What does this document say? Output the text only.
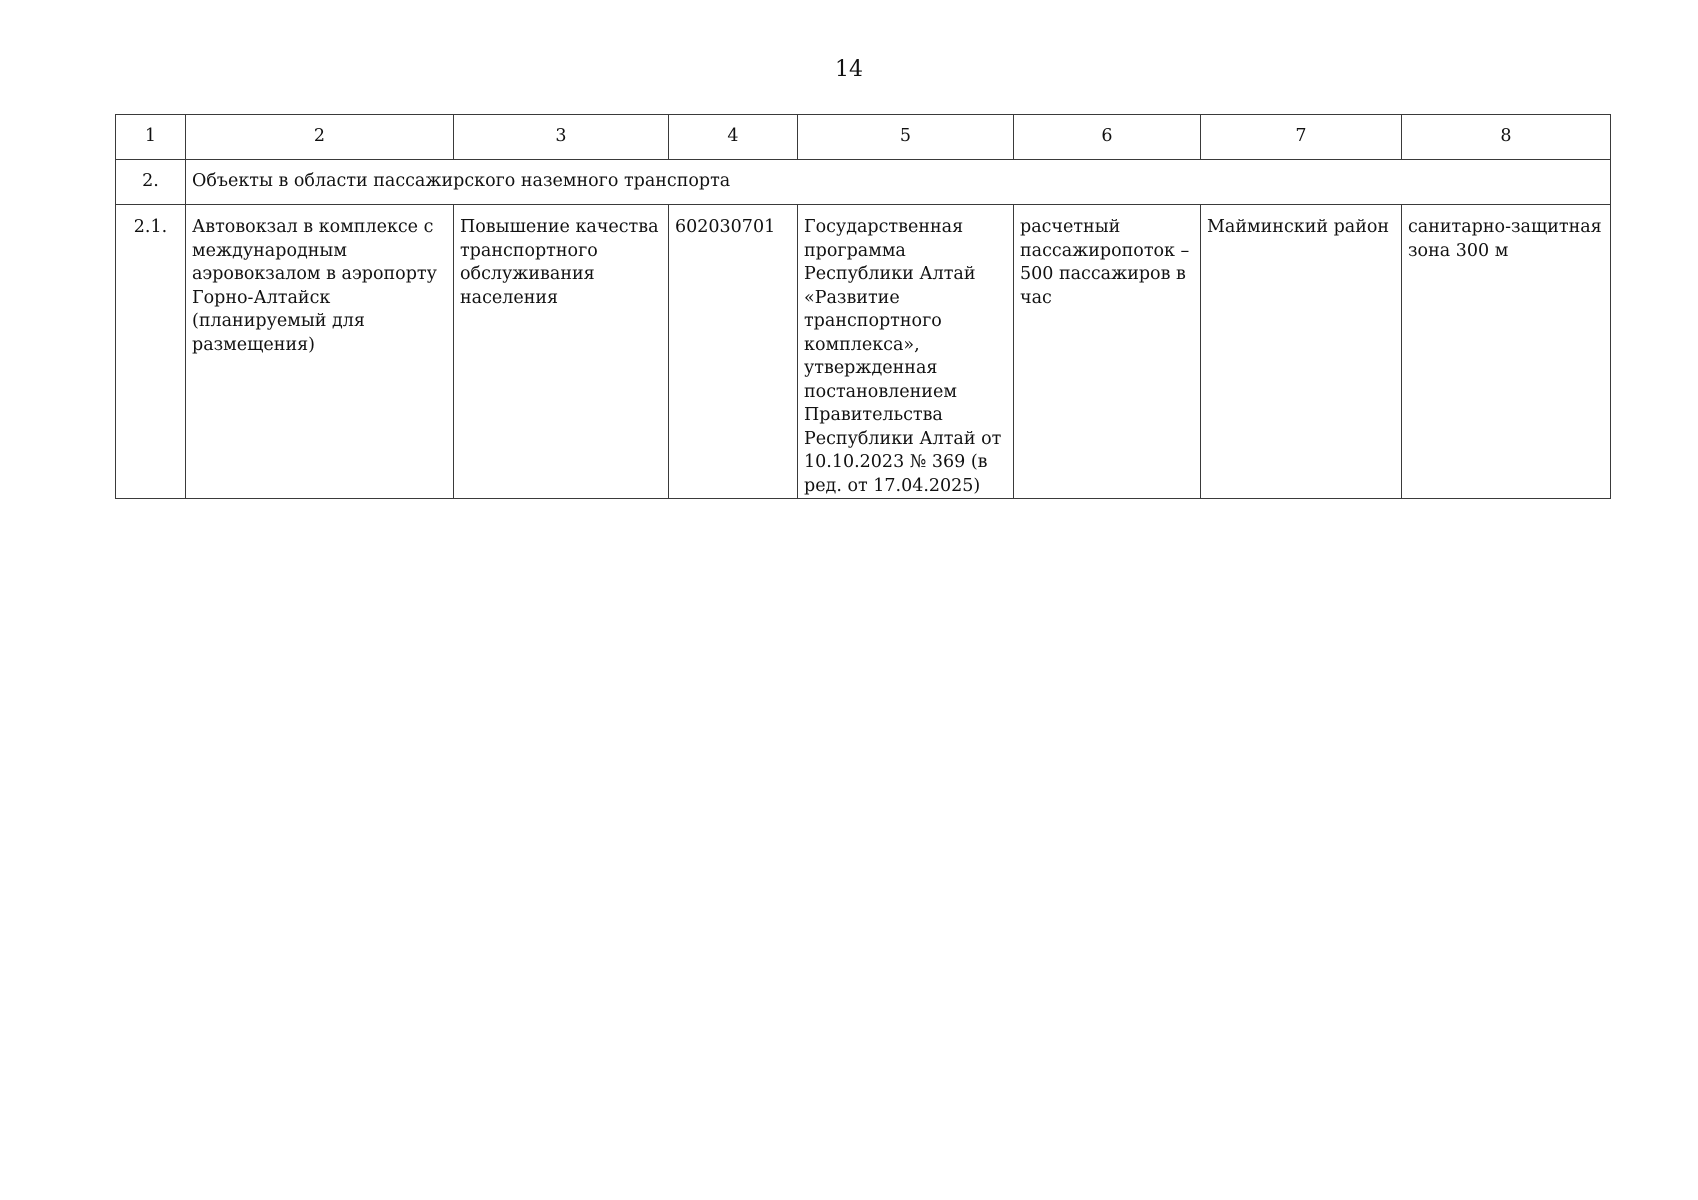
14
1	2	3	4	5	6	7	8
2.	Объекты в области пассажирского наземного транспорта						
2.1.	Автовокзал в комплексе с международным аэровокзалом в аэропорту Горно-Алтайск (планируемый для размещения)	Повышение качества транспортного обслуживания населения	602030701	Государственная программа Республики Алтай «Развитие транспортного комплекса», утвержденная постановлением Правительства Республики Алтай от 10.10.2023 № 369 (в ред. от 17.04.2025)	расчетный пассажиропоток – 500 пассажиров в час	Майминский район	санитарно-защитная зона 300 м
